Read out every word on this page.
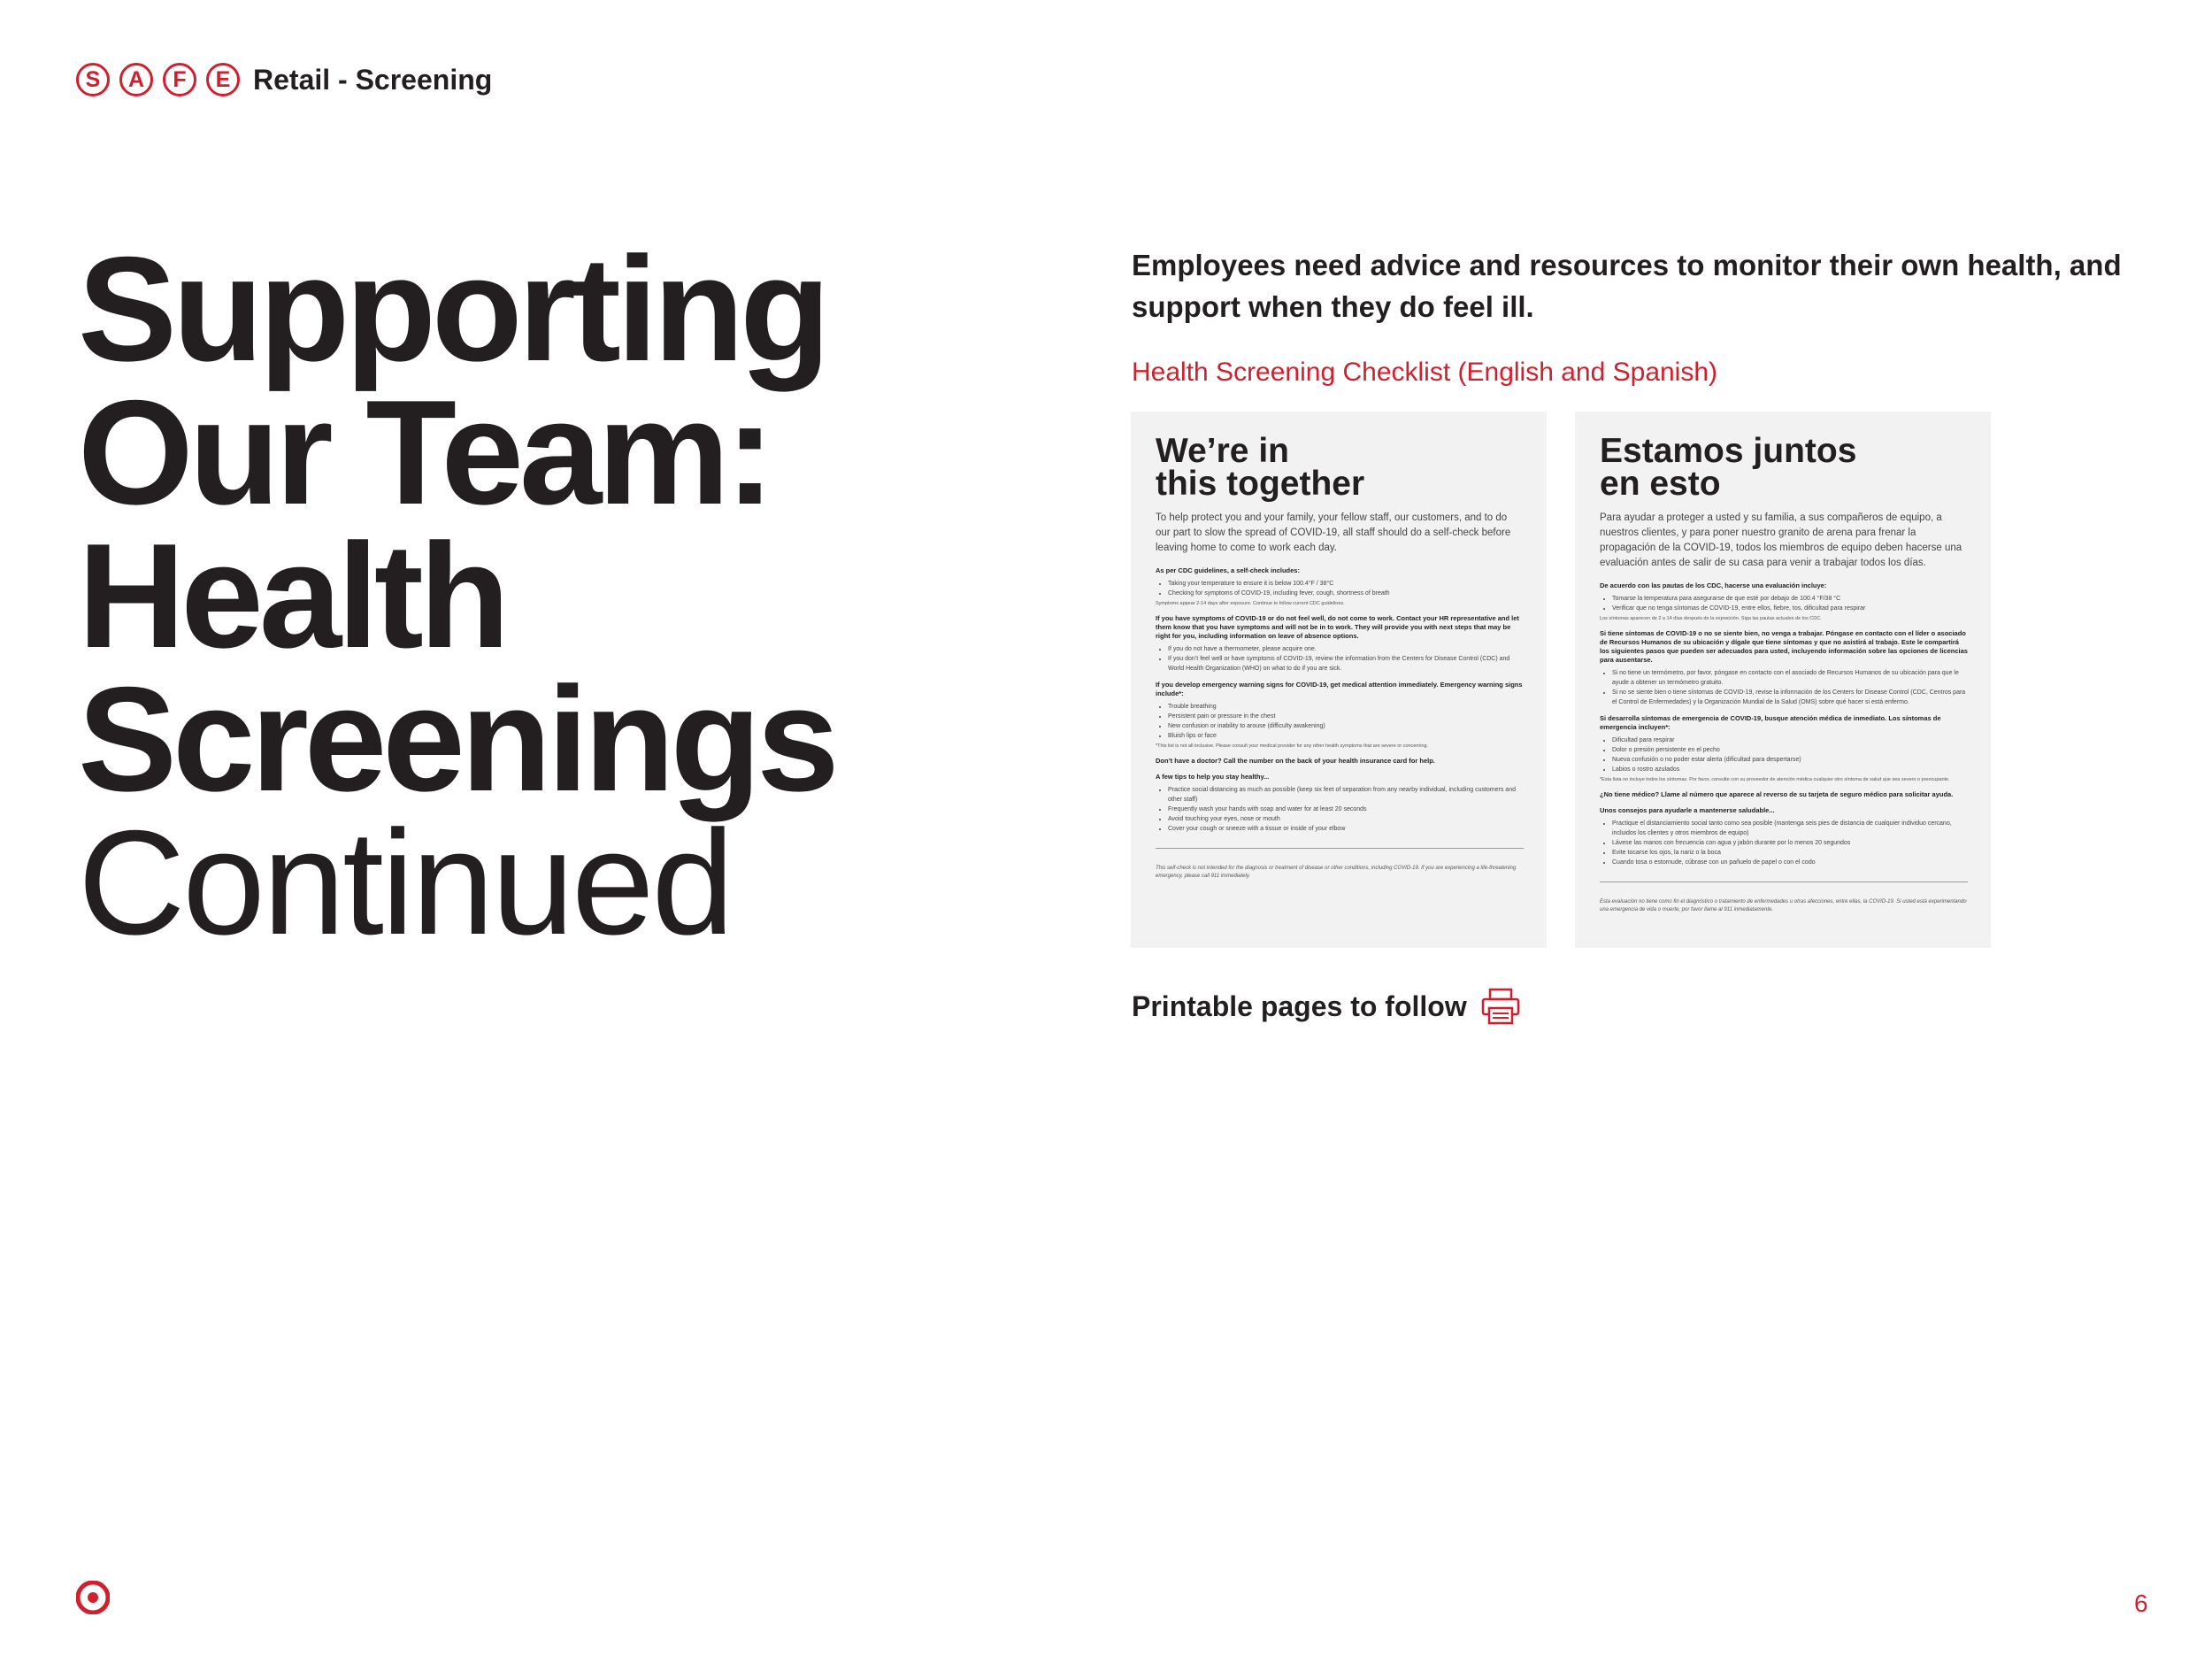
S	A	F	E Retail - Screening
Supporting
Our Team:
Health
Screenings
Continued

Employees need advice and resources to monitor their own health, and support when they do feel ill.

Health Screening Checklist (English and Spanish)
We’re in
this together

To help protect you and your family, your fellow staff, our customers, and to do our part to slow the spread of COVID-19, all staff should do a self-check before leaving home to come to work each day.

As per CDC guidelines, a self-check includes:
• Taking your temperature to ensure it is below 100.4°F / 38°C
• Checking for symptoms of COVID-19, including fever, cough, shortness of breath
Symptoms appear 2-14 days after exposure. Continue to follow current CDC guidelines.
If you have symptoms of COVID-19 or do not feel well, do not come to work. Contact your HR representative and let them know that you have symptoms and will not be in to work. They will provide you with next steps that may be right for you, including information on leave of absence options.
• If you do not have a thermometer, please acquire one.
• If you don’t feel well or have symptoms of COVID-19, review the information from the Centers for Disease Control (CDC) and World Health Organization (WHO) on what to do if you are sick.
If you develop emergency warning signs for COVID-19, get medical attention immediately. Emergency warning signs include*:
• Trouble breathing
• Persistent pain or pressure in the chest
• New confusion or inability to arouse (difficulty awakening)
• Bluish lips or face
*This list is not all inclusive. Please consult your medical provider for any other health symptoms that are severe or concerning.
Don’t have a doctor? Call the number on the back of your health insurance card for help.
A few tips to help you stay healthy...
• Practice social distancing as much as possible (keep six feet of separation from any nearby individual, including customers and other staff)
• Frequently wash your hands with soap and water for at least 20 seconds
• Avoid touching your eyes, nose or mouth
• Cover your cough or sneeze with a tissue or inside of your elbow
This self-check is not intended for the diagnosis or treatment of disease or other conditions, including COVID-19. If you are experiencing a life-threatening emergency, please call 911 immediately.
Estamos juntos
en esto

Para ayudar a proteger a usted y su familia, a sus compañeros de equipo, a nuestros clientes, y para poner nuestro granito de arena para frenar la propagación de la COVID-19, todos los miembros de equipo deben hacerse una evaluación antes de salir de su casa para venir a trabajar todos los días.

De acuerdo con las pautas de los CDC, hacerse una evaluación incluye:
• Tomarse la temperatura para asegurarse de que esté por debajo de 100.4 °F/38 °C
• Verificar que no tenga síntomas de COVID-19, entre ellos, fiebre, tos, dificultad para respirar
Los síntomas aparecen de 2 a 14 días después de la exposición. Siga las pautas actuales de los CDC.
Si tiene síntomas de COVID-19 o no se siente bien, no venga a trabajar. Póngase en contacto con el líder o asociado de Recursos Humanos de su ubicación y dígale que tiene síntomas y que no asistirá al trabajo. Este le compartirá los siguientes pasos que pueden ser adecuados para usted, incluyendo información sobre las opciones de licencias para ausentarse.
• Si no tiene un termómetro, por favor, póngase en contacto con el asociado de Recursos Humanos de su ubicación para que le ayude a obtener un termómetro gratuito.
• Si no se siente bien o tiene síntomas de COVID-19, revise la información de los Centers for Disease Control (CDC, Centros para el Control de Enfermedades) y la Organización Mundial de la Salud (OMS) sobre qué hacer si está enfermo.
Si desarrolla síntomas de emergencia de COVID-19, busque atención médica de inmediato. Los síntomas de emergencia incluyen*:
• Dificultad para respirar
• Dolor o presión persistente en el pecho
• Nueva confusión o no poder estar alerta (dificultad para despertarse)
• Labios o rostro azulados
*Esta lista no incluye todos los síntomas. Por favor, consulte con su proveedor de atención médica cualquier otro síntoma de salud que sea severo o preocupante.
¿No tiene médico? Llame al número que aparece al reverso de su tarjeta de seguro médico para solicitar ayuda.
Unos consejos para ayudarle a mantenerse saludable...
• Practique el distanciamiento social tanto como sea posible (mantenga seis pies de distancia de cualquier individuo cercano, incluidos los clientes y otros miembros de equipo)
• Lávese las manos con frecuencia con agua y jabón durante por lo menos 20 segundos
• Evite tocarse los ojos, la nariz o la boca
• Cuando tosa o estornude, cúbrase con un pañuelo de papel o con el codo
Esta evaluación no tiene como fin el diagnóstico o tratamiento de enfermedades u otras afecciones, entre ellas, la COVID-19. Si usted está experimentando una emergencia de vida o muerte, por favor llame al 911 inmediatamente.
Printable pages to follow
6
